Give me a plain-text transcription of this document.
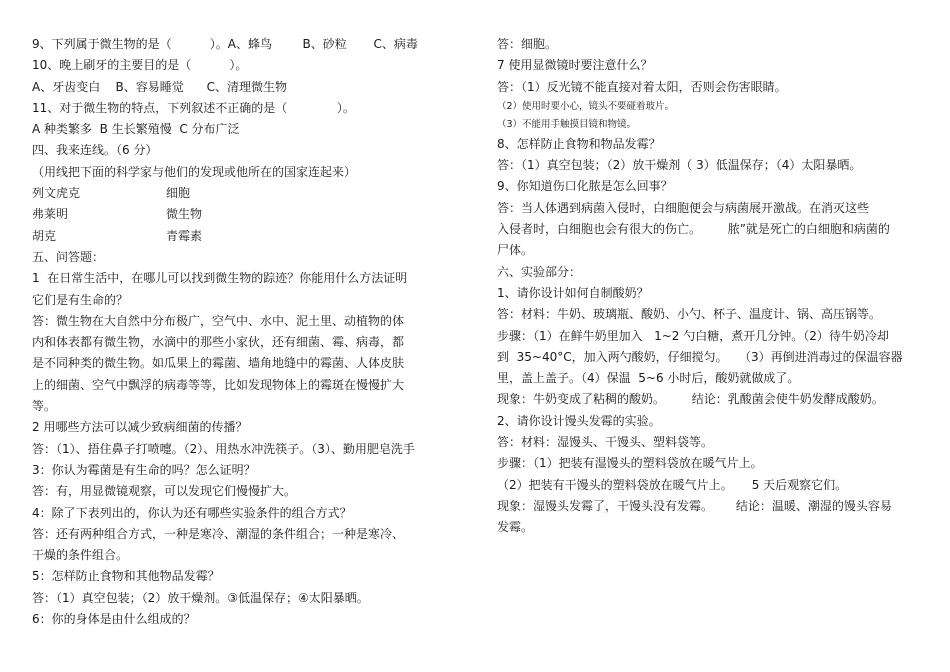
9、下列属于微生物的是（          ）。A、蜂鸟        B、砂粒       C、病毒
10、晚上刷牙的主要目的是（          ）。
A、牙齿变白    B、容易睡觉      C、清理微生物
11、对于微生物的特点，下列叙述不正确的是（             ）。
A 种类繁多  B 生长繁殖慢  C 分布广泛
四、我来连线。（6 分）
（用线把下面的科学家与他们的发现或他所在的国家连起来）
列文虎克	细胞
弗莱明	微生物
胡克	青霉素
五、问答题：
1  在日常生活中，在哪儿可以找到微生物的踪迹？你能用什么方法证明
它们是有生命的？
答：微生物在大自然中分布极广，空气中、水中、泥土里、动植物的体
内和体表都有微生物，水滴中的那些小家伙，还有细菌、霉、病毒，都
是不同种类的微生物。如瓜果上的霉菌、墙角地缝中的霉菌、人体皮肤
上的细菌、空气中飘浮的病毒等等，比如发现物体上的霉斑在慢慢扩大
等。
2 用哪些方法可以减少致病细菌的传播？
答：（1）、捂住鼻子打喷嚏。（2）、用热水冲洗筷子。（3）、勤用肥皂洗手
3：你认为霉菌是有生命的吗？怎么证明？
答：有，用显微镜观察，可以发现它们慢慢扩大。
4：除了下表列出的，你认为还有哪些实验条件的组合方式？
答：还有两种组合方式，一种是寒冷、潮湿的条件组合；一种是寒冷、
干燥的条件组合。
5：怎样防止食物和其他物品发霉？
答：（1）真空包装；（2）放干燥剂。③低温保存；④太阳暴晒。
6：你的身体是由什么组成的？
答：细胞。
7 使用显微镜时要注意什么？
答：（1）反光镜不能直接对着太阳，否则会伤害眼睛。
（2）使用时要小心，镜头不要碰着玻片。
（3）不能用手触摸目镜和物镜。
8、怎样防止食物和物品发霉？
答：（1）真空包装；（2）放干燥剂（ 3）低温保存；（4）太阳暴晒。
9、你知道伤口化脓是怎么回事？
答：当人体遇到病菌入侵时，白细胞便会与病菌展开激战。在消灭这些
入侵者时，白细胞也会有很大的伤亡。       脓”就是死亡的白细胞和病菌的
尸体。
六、实验部分：
1、请你设计如何自制酸奶？
答：材料：牛奶、玻璃瓶、酸奶、小勺、杯子、温度计、锅、高压锅等。
步骤：（1）在鲜牛奶里加入   1~2 勺白糖，煮开几分钟。（2）待牛奶冷却
到  35~40°C，加入两勺酸奶，仔细搅匀。   （3）再倒进消毒过的保温容器
里，盖上盖子。（4）保温  5~6 小时后，酸奶就做成了。
现象：牛奶变成了粘稠的酸奶。       结论：乳酸菌会使牛奶发酵成酸奶。
2、请你设计馒头发霉的实验。
答：材料：湿馒头、干馒头、塑料袋等。
步骤：（1）把装有湿馒头的塑料袋放在暖气片上。
（2）把装有干馒头的塑料袋放在暖气片上。     5 天后观察它们。
现象：湿馒头发霉了，干馒头没有发霉。      结论：温暖、潮湿的馒头容易
发霉。
